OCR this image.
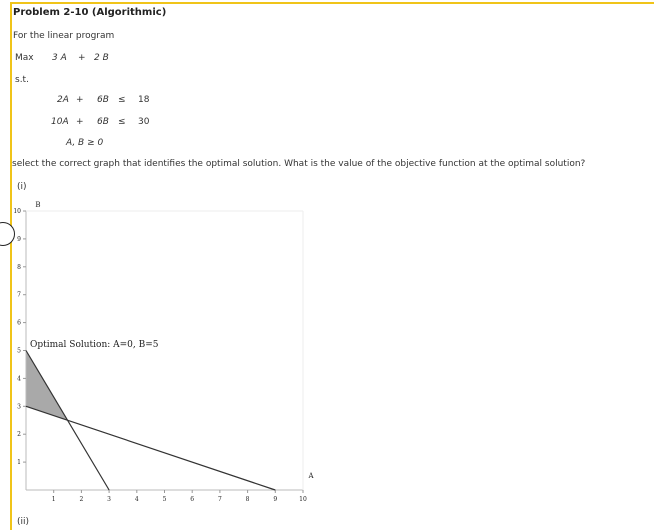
Problem 2-10 (Algorithmic)
For the linear program
Max 3 A + 2 B
s.t.
2A + 6B ≤ 18
10A + 6B ≤ 30
A, B ≥ 0
select the correct graph that identifies the optimal solution. What is the value of the objective function at the optimal solution?
(i)
1	2	3	4	5	6	7	8	9	10
1
2
3
4
5
6
7
8
9
10
B
A
Optimal Solution: A=0, B=5
(ii)
